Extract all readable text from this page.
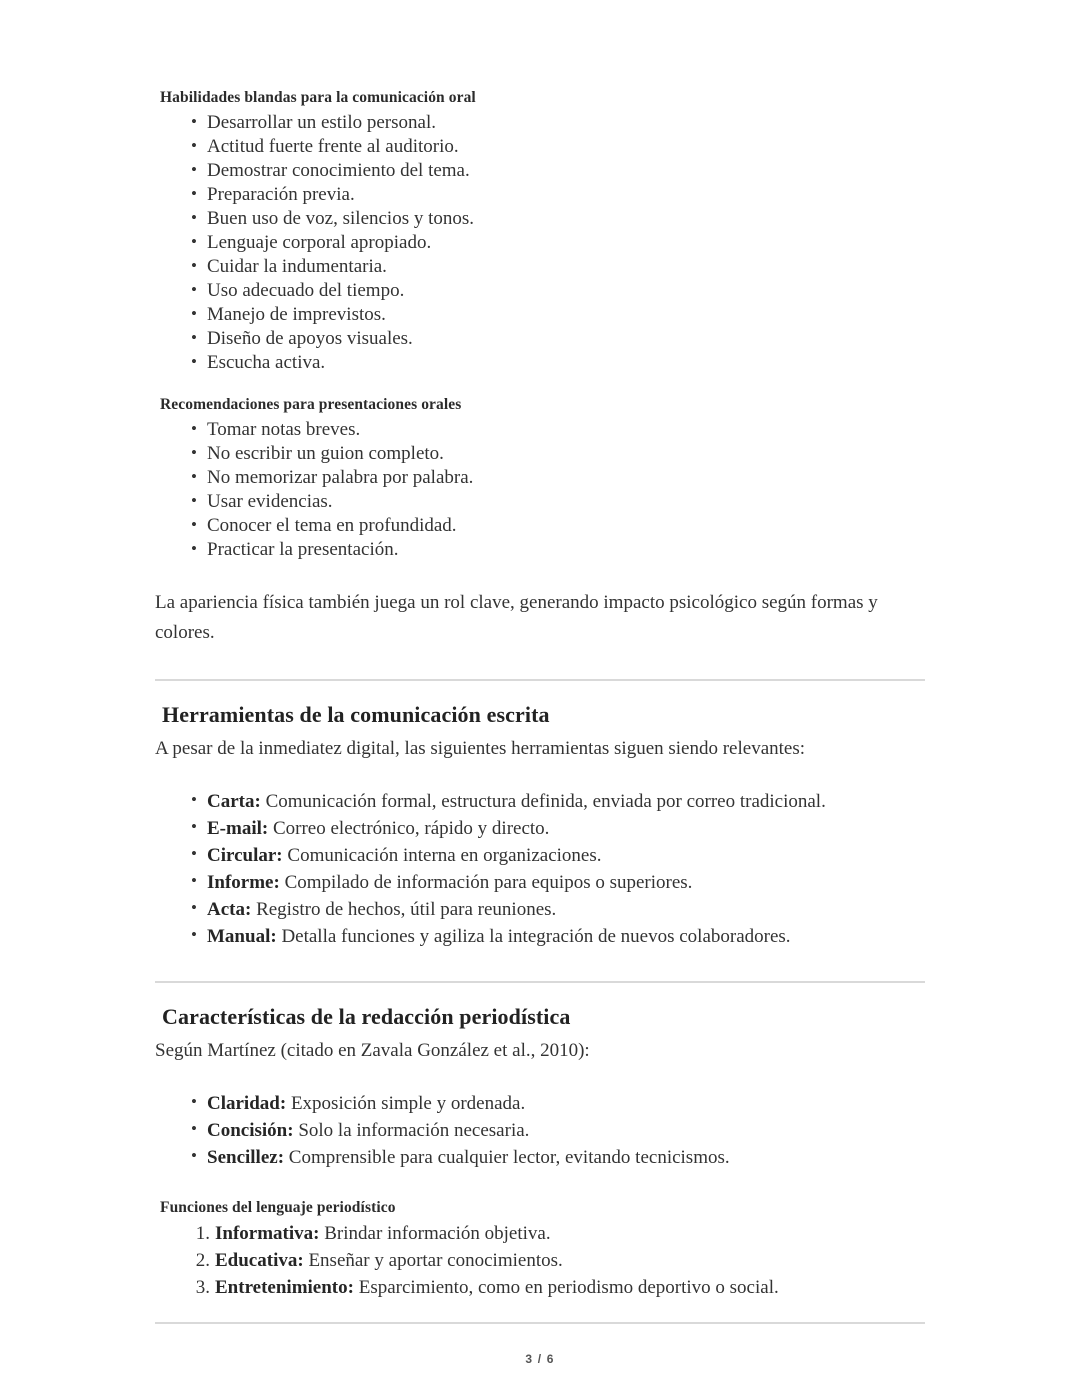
Habilidades blandas para la comunicación oral
• Desarrollar un estilo personal.
• Actitud fuerte frente al auditorio.
• Demostrar conocimiento del tema.
• Preparación previa.
• Buen uso de voz, silencios y tonos.
• Lenguaje corporal apropiado.
• Cuidar la indumentaria.
• Uso adecuado del tiempo.
• Manejo de imprevistos.
• Diseño de apoyos visuales.
• Escucha activa.
Recomendaciones para presentaciones orales
• Tomar notas breves.
• No escribir un guion completo.
• No memorizar palabra por palabra.
• Usar evidencias.
• Conocer el tema en profundidad.
• Practicar la presentación.

La apariencia física también juega un rol clave, generando impacto psicológico según formas y colores.

Herramientas de la comunicación escrita

A pesar de la inmediatez digital, las siguientes herramientas siguen siendo relevantes:

• Carta: Comunicación formal, estructura definida, enviada por correo tradicional.
• E-mail: Correo electrónico, rápido y directo.
• Circular: Comunicación interna en organizaciones.
• Informe: Compilado de información para equipos o superiores.
• Acta: Registro de hechos, útil para reuniones.
• Manual: Detalla funciones y agiliza la integración de nuevos colaboradores.
Características de la redacción periodística

Según Martínez (citado en Zavala González et al., 2010):

• Claridad: Exposición simple y ordenada.
• Concisión: Solo la información necesaria.
• Sencillez: Comprensible para cualquier lector, evitando tecnicismos.
Funciones del lenguaje periodístico
Informativa: Brindar información objetiva.
Educativa: Enseñar y aportar conocimientos.
Entretenimiento: Esparcimiento, como en periodismo deportivo o social.
3 / 6
